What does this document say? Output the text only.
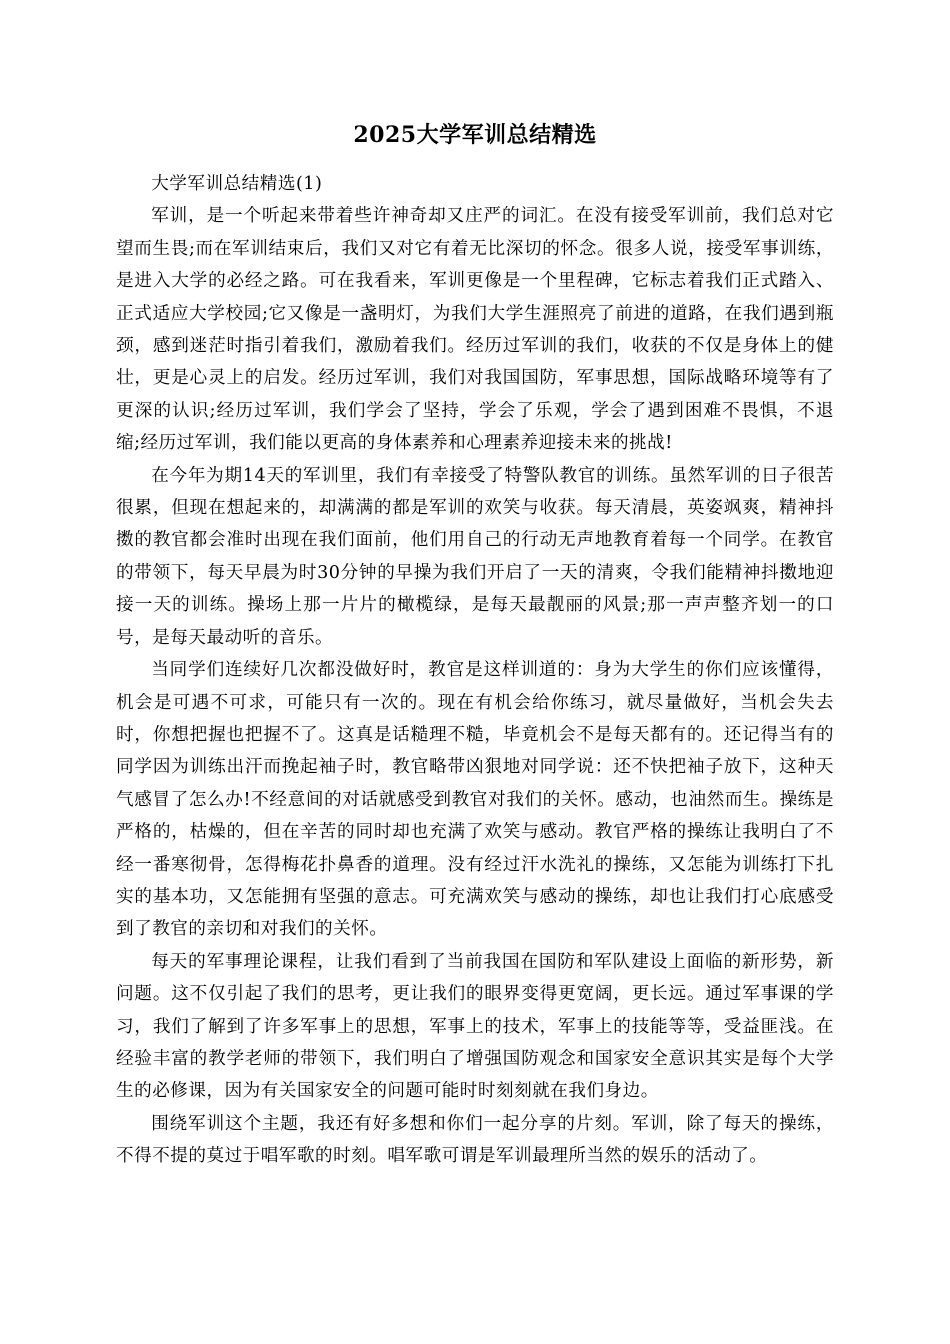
2025大学军训总结精选

大学军训总结精选(1)

军训，是一个听起来带着些许神奇却又庄严的词汇。在没有接受军训前，我们总对它望而生畏;而在军训结束后，我们又对它有着无比深切的怀念。很多人说，接受军事训练，是进入大学的必经之路。可在我看来，军训更像是一个里程碑，它标志着我们正式踏入、正式适应大学校园;它又像是一盏明灯，为我们大学生涯照亮了前进的道路，在我们遇到瓶颈，感到迷茫时指引着我们，激励着我们。经历过军训的我们，收获的不仅是身体上的健壮，更是心灵上的启发。经历过军训，我们对我国国防，军事思想，国际战略环境等有了更深的认识;经历过军训，我们学会了坚持，学会了乐观，学会了遇到困难不畏惧，不退缩;经历过军训，我们能以更高的身体素养和心理素养迎接未来的挑战!

在今年为期14天的军训里，我们有幸接受了特警队教官的训练。虽然军训的日子很苦很累，但现在想起来的，却满满的都是军训的欢笑与收获。每天清晨，英姿飒爽，精神抖擞的教官都会准时出现在我们面前，他们用自己的行动无声地教育着每一个同学。在教官的带领下，每天早晨为时30分钟的早操为我们开启了一天的清爽，令我们能精神抖擞地迎接一天的训练。操场上那一片片的橄榄绿，是每天最靓丽的风景;那一声声整齐划一的口号，是每天最动听的音乐。

当同学们连续好几次都没做好时，教官是这样训道的：身为大学生的你们应该懂得，机会是可遇不可求，可能只有一次的。现在有机会给你练习，就尽量做好，当机会失去时，你想把握也把握不了。这真是话糙理不糙，毕竟机会不是每天都有的。还记得当有的同学因为训练出汗而挽起袖子时，教官略带凶狠地对同学说：还不快把袖子放下，这种天气感冒了怎么办!不经意间的对话就感受到教官对我们的关怀。感动，也油然而生。操练是严格的，枯燥的，但在辛苦的同时却也充满了欢笑与感动。教官严格的操练让我明白了不经一番寒彻骨，怎得梅花扑鼻香的道理。没有经过汗水洗礼的操练，又怎能为训练打下扎实的基本功，又怎能拥有坚强的意志。可充满欢笑与感动的操练，却也让我们打心底感受到了教官的亲切和对我们的关怀。

每天的军事理论课程，让我们看到了当前我国在国防和军队建设上面临的新形势，新问题。这不仅引起了我们的思考，更让我们的眼界变得更宽阔，更长远。通过军事课的学习，我们了解到了许多军事上的思想，军事上的技术，军事上的技能等等，受益匪浅。在经验丰富的教学老师的带领下，我们明白了增强国防观念和国家安全意识其实是每个大学生的必修课，因为有关国家安全的问题可能时时刻刻就在我们身边。

围绕军训这个主题，我还有好多想和你们一起分享的片刻。军训，除了每天的操练，不得不提的莫过于唱军歌的时刻。唱军歌可谓是军训最理所当然的娱乐的活动了。
